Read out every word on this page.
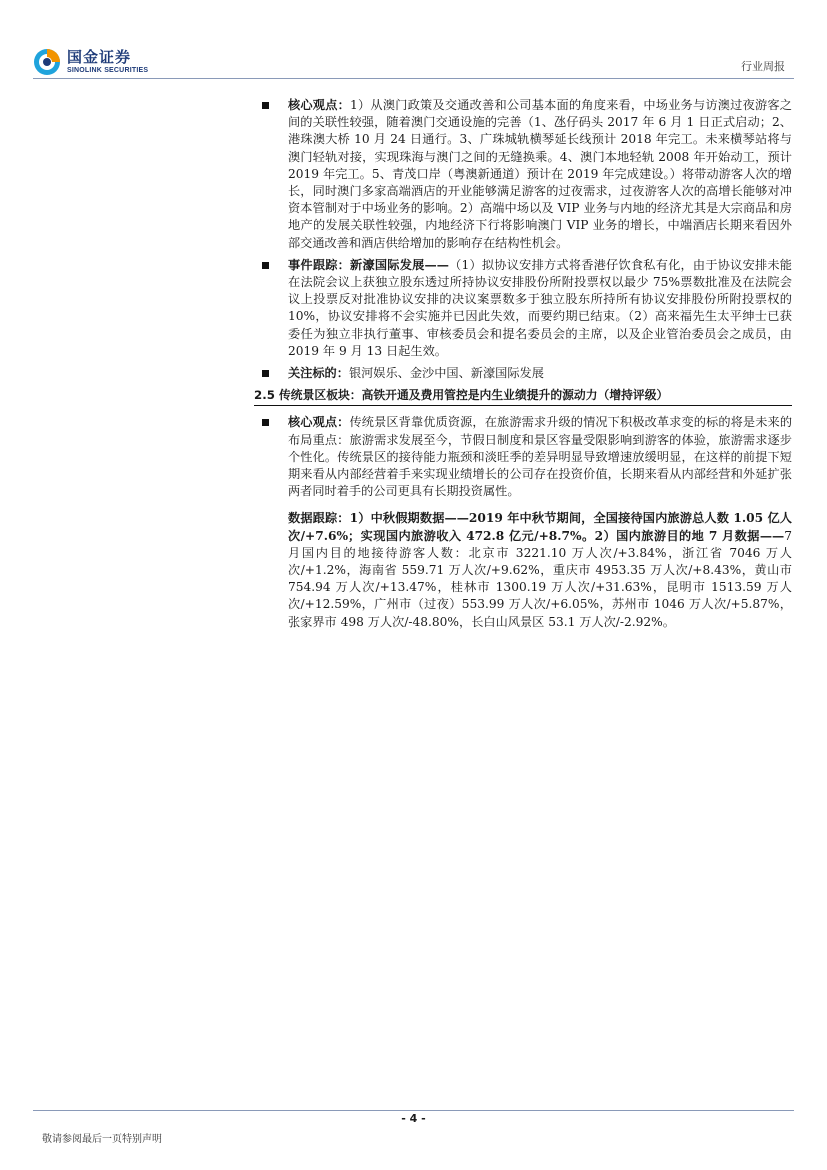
国金证券
SINOLINK SECURITIES	行业周报
核心观点：1）从澳门政策及交通改善和公司基本面的角度来看，中场业务与访澳过夜游客之间的关联性较强，随着澳门交通设施的完善（1、氹仔码头 2017 年 6 月 1 日正式启动；2、港珠澳大桥 10 月 24 日通行。3、广珠城轨横琴延长线预计 2018 年完工。未来横琴站将与澳门轻轨对接，实现珠海与澳门之间的无缝换乘。4、澳门本地轻轨 2008 年开始动工，预计 2019 年完工。5、青茂口岸（粤澳新通道）预计在 2019 年完成建设。）将带动游客人次的增长，同时澳门多家高端酒店的开业能够满足游客的过夜需求，过夜游客人次的高增长能够对冲资本管制对于中场业务的影响。2）高端中场以及 VIP 业务与内地的经济尤其是大宗商品和房地产的发展关联性较强，内地经济下行将影响澳门 VIP 业务的增长，中端酒店长期来看因外部交通改善和酒店供给增加的影响存在结构性机会。
事件跟踪：新濠国际发展——（1）拟协议安排方式将香港仔饮食私有化，由于协议安排未能在法院会议上获独立股东透过所持协议安排股份所附投票权以最少 75%票数批准及在法院会议上投票反对批准协议安排的决议案票数多于独立股东所持所有协议安排股份所附投票权的 10%，协议安排将不会实施并已因此失效，而要约期已结束。（2）高来福先生太平绅士已获委任为独立非执行董事、审核委员会和提名委员会的主席，以及企业管治委员会之成员，由 2019 年 9 月 13 日起生效。
关注标的：银河娱乐、金沙中国、新濠国际发展
2.5 传统景区板块：高铁开通及费用管控是内生业绩提升的源动力（增持评级）
核心观点：传统景区背靠优质资源，在旅游需求升级的情况下积极改革求变的标的将是未来的布局重点：旅游需求发展至今，节假日制度和景区容量受限影响到游客的体验，旅游需求逐步个性化。传统景区的接待能力瓶颈和淡旺季的差异明显导致增速放缓明显，在这样的前提下短期来看从内部经营着手来实现业绩增长的公司存在投资价值，长期来看从内部经营和外延扩张两者同时着手的公司更具有长期投资属性。
数据跟踪：1）中秋假期数据——2019 年中秋节期间，全国接待国内旅游总人数 1.05 亿人次/+7.6%；实现国内旅游收入 472.8 亿元/+8.7%。2）国内旅游目的地 7 月数据——7 月国内目的地接待游客人数：北京市 3221.10 万人次/+3.84%，浙江省 7046 万人次/+1.2%，海南省 559.71 万人次/+9.62%，重庆市 4953.35 万人次/+8.43%，黄山市 754.94 万人次/+13.47%，桂林市 1300.19 万人次/+31.63%，昆明市 1513.59 万人次/+12.59%，广州市（过夜）553.99 万人次/+6.05%，苏州市 1046 万人次/+5.87%，张家界市 498 万人次/-48.80%，长白山风景区 53.1 万人次/-2.92%。
- 4 -
敬请参阅最后一页特别声明
